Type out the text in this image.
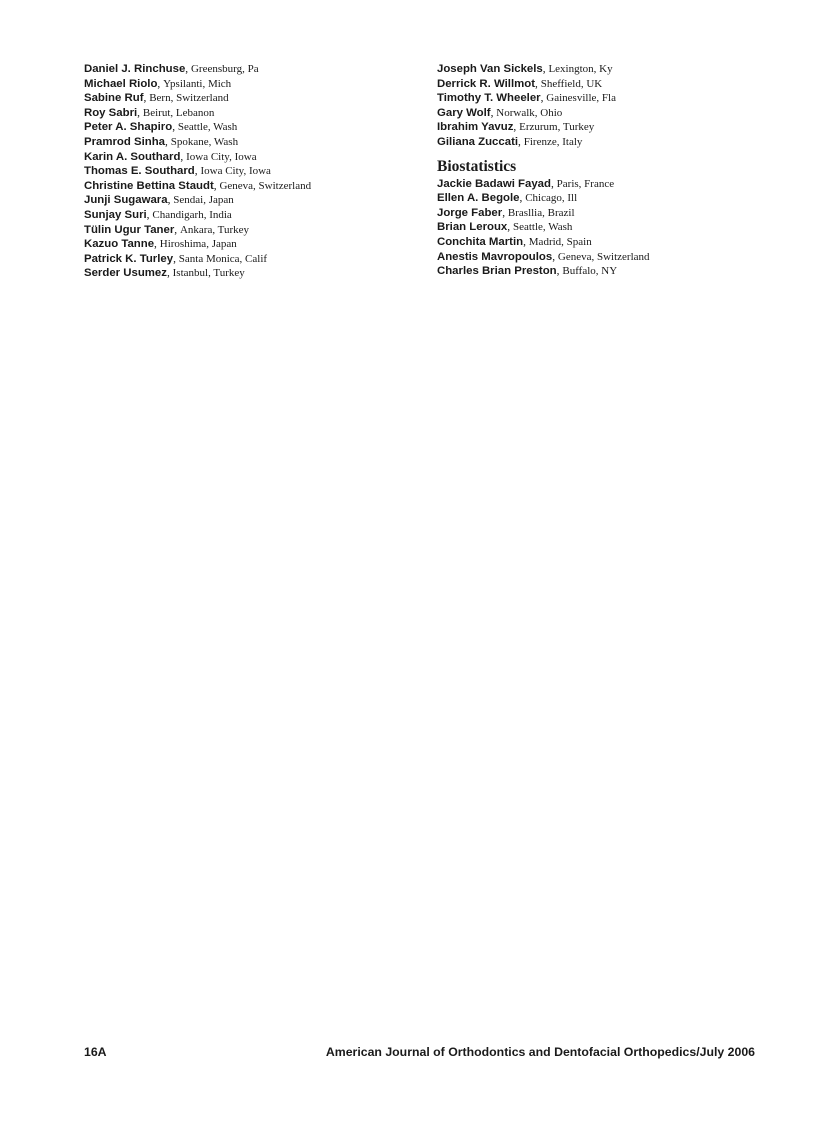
Daniel J. Rinchuse, Greensburg, Pa
Michael Riolo, Ypsilanti, Mich
Sabine Ruf, Bern, Switzerland
Roy Sabri, Beirut, Lebanon
Peter A. Shapiro, Seattle, Wash
Pramrod Sinha, Spokane, Wash
Karin A. Southard, Iowa City, Iowa
Thomas E. Southard, Iowa City, Iowa
Christine Bettina Staudt, Geneva, Switzerland
Junji Sugawara, Sendai, Japan
Sunjay Suri, Chandigarh, India
Tülin Ugur Taner, Ankara, Turkey
Kazuo Tanne, Hiroshima, Japan
Patrick K. Turley, Santa Monica, Calif
Serder Usumez, Istanbul, Turkey
Joseph Van Sickels, Lexington, Ky
Derrick R. Willmot, Sheffield, UK
Timothy T. Wheeler, Gainesville, Fla
Gary Wolf, Norwalk, Ohio
Ibrahim Yavuz, Erzurum, Turkey
Giliana Zuccati, Firenze, Italy
Biostatistics
Jackie Badawi Fayad, Paris, France
Ellen A. Begole, Chicago, Ill
Jorge Faber, Brasllia, Brazil
Brian Leroux, Seattle, Wash
Conchita Martin, Madrid, Spain
Anestis Mavropoulos, Geneva, Switzerland
Charles Brian Preston, Buffalo, NY
16A	American Journal of Orthodontics and Dentofacial Orthopedics/July 2006
